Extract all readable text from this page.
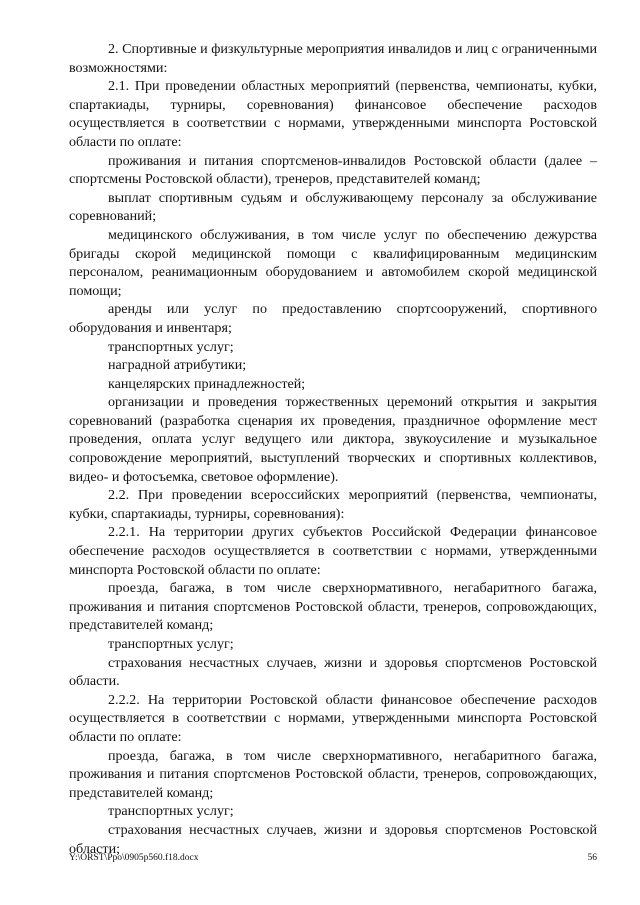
2. Спортивные и физкультурные мероприятия инвалидов и лиц с ограниченными возможностями:

2.1. При проведении областных мероприятий (первенства, чемпионаты, кубки, спартакиады, турниры, соревнования) финансовое обеспечение расходов осуществляется в соответствии с нормами, утвержденными минспорта Ростовской области по оплате:

проживания и питания спортсменов-инвалидов Ростовской области (далее – спортсмены Ростовской области), тренеров, представителей команд;

выплат спортивным судьям и обслуживающему персоналу за обслуживание соревнований;

медицинского обслуживания, в том числе услуг по обеспечению дежурства бригады скорой медицинской помощи с квалифицированным медицинским персоналом, реанимационным оборудованием и автомобилем скорой медицинской помощи;

аренды или услуг по предоставлению спортсооружений, спортивного оборудования и инвентаря;

транспортных услуг;

наградной атрибутики;

канцелярских принадлежностей;

организации и проведения торжественных церемоний открытия и закрытия соревнований (разработка сценария их проведения, праздничное оформление мест проведения, оплата услуг ведущего или диктора, звукоусиление и музыкальное сопровождение мероприятий, выступлений творческих и спортивных коллективов, видео- и фотосъемка, световое оформление).

2.2. При проведении всероссийских мероприятий (первенства, чемпионаты, кубки, спартакиады, турниры, соревнования):

2.2.1. На территории других субъектов Российской Федерации финансовое обеспечение расходов осуществляется в соответствии с нормами, утвержденными минспорта Ростовской области по оплате:

проезда, багажа, в том числе сверхнормативного, негабаритного багажа, проживания и питания спортсменов Ростовской области, тренеров, сопровождающих, представителей команд;

транспортных услуг;

страхования несчастных случаев, жизни и здоровья спортсменов Ростовской области.

2.2.2. На территории Ростовской области финансовое обеспечение расходов осуществляется в соответствии с нормами, утвержденными минспорта Ростовской области по оплате:

проезда, багажа, в том числе сверхнормативного, негабаритного багажа, проживания и питания спортсменов Ростовской области, тренеров, сопровождающих, представителей команд;

транспортных услуг;

страхования несчастных случаев, жизни и здоровья спортсменов Ростовской области;

Y:\ORST\Ppo\0905p560.f18.docx	56
